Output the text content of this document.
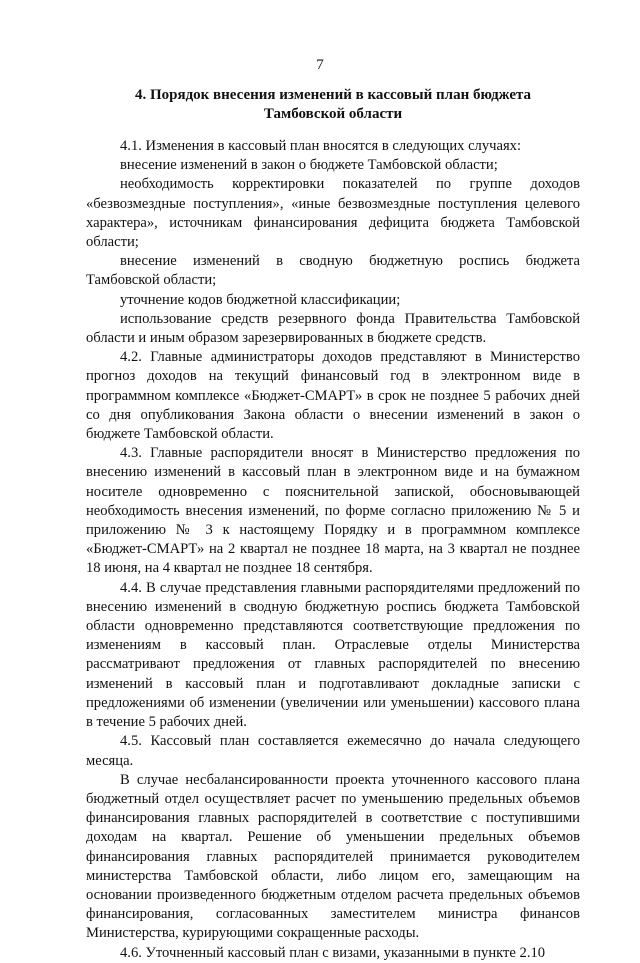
7
4. Порядок внесения изменений в кассовый план бюджета
Тамбовской области

4.1. Изменения в кассовый план вносятся в следующих случаях:

внесение изменений в закон о бюджете Тамбовской области;

необходимость корректировки показателей по группе доходов «безвозмездные поступления», «иные безвозмездные поступления целевого характера», источникам финансирования дефицита бюджета Тамбовской области;

внесение изменений в сводную бюджетную роспись бюджета Тамбовской области;

уточнение кодов бюджетной классификации;

использование средств резервного фонда Правительства Тамбовской области и иным образом зарезервированных в бюджете средств.

4.2. Главные администраторы доходов представляют в Министерство прогноз доходов на текущий финансовый год в электронном виде в программном комплексе «Бюджет-СМАРТ» в срок не позднее 5 рабочих дней со дня опубликования Закона области о внесении изменений в закон о бюджете Тамбовской области.

4.3. Главные распорядители вносят в Министерство предложения по внесению изменений в кассовый план в электронном виде и на бумажном носителе одновременно с пояснительной запиской, обосновывающей необходимость внесения изменений, по форме согласно приложению № 5 и приложению № 3 к настоящему Порядку и в программном комплексе «Бюджет-СМАРТ» на 2 квартал не позднее 18 марта, на 3 квартал не позднее 18 июня, на 4 квартал не позднее 18 сентября.

4.4. В случае представления главными распорядителями предложений по внесению изменений в сводную бюджетную роспись бюджета Тамбовской области одновременно представляются соответствующие предложения по изменениям в кассовый план. Отраслевые отделы Министерства рассматривают предложения от главных распорядителей по внесению изменений в кассовый план и подготавливают докладные записки с предложениями об изменении (увеличении или уменьшении) кассового плана в течение 5 рабочих дней.

4.5. Кассовый план составляется ежемесячно до начала следующего месяца.

В случае несбалансированности проекта уточненного кассового плана бюджетный отдел осуществляет расчет по уменьшению предельных объемов финансирования главных распорядителей в соответствие с поступившими доходам на квартал. Решение об уменьшении предельных объемов финансирования главных распорядителей принимается руководителем министерства Тамбовской области, либо лицом его, замещающим на основании произведенного бюджетным отделом расчета предельных объемов финансирования, согласованных заместителем министра финансов Министерства, курирующими сокращенные расходы.

4.6. Уточненный кассовый план с визами, указанными в пункте 2.10
